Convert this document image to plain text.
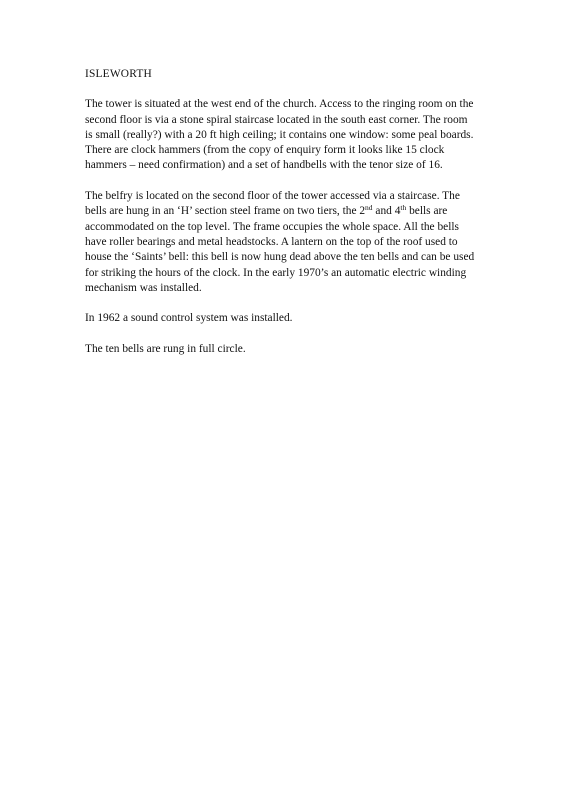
ISLEWORTH
The tower is situated at the west end of the church. Access to the ringing room on the
second floor is via a stone spiral staircase located in the south east corner. The room
is small (really?) with a 20 ft high ceiling; it contains one window: some peal boards.
There are clock hammers (from the copy of enquiry form it looks like 15 clock
hammers – need confirmation) and a set of handbells with the tenor size of 16.
The belfry is located on the second floor of the tower accessed via a staircase. The
bells are hung in an ‘H’ section steel frame on two tiers, the 2nd and 4th bells are
accommodated on the top level. The frame occupies the whole space. All the bells
have roller bearings and metal headstocks. A lantern on the top of the roof used to
house the ‘Saints’ bell: this bell is now hung dead above the ten bells and can be used
for striking the hours of the clock. In the early 1970’s an automatic electric winding
mechanism was installed.
In 1962 a sound control system was installed.
The ten bells are rung in full circle.
